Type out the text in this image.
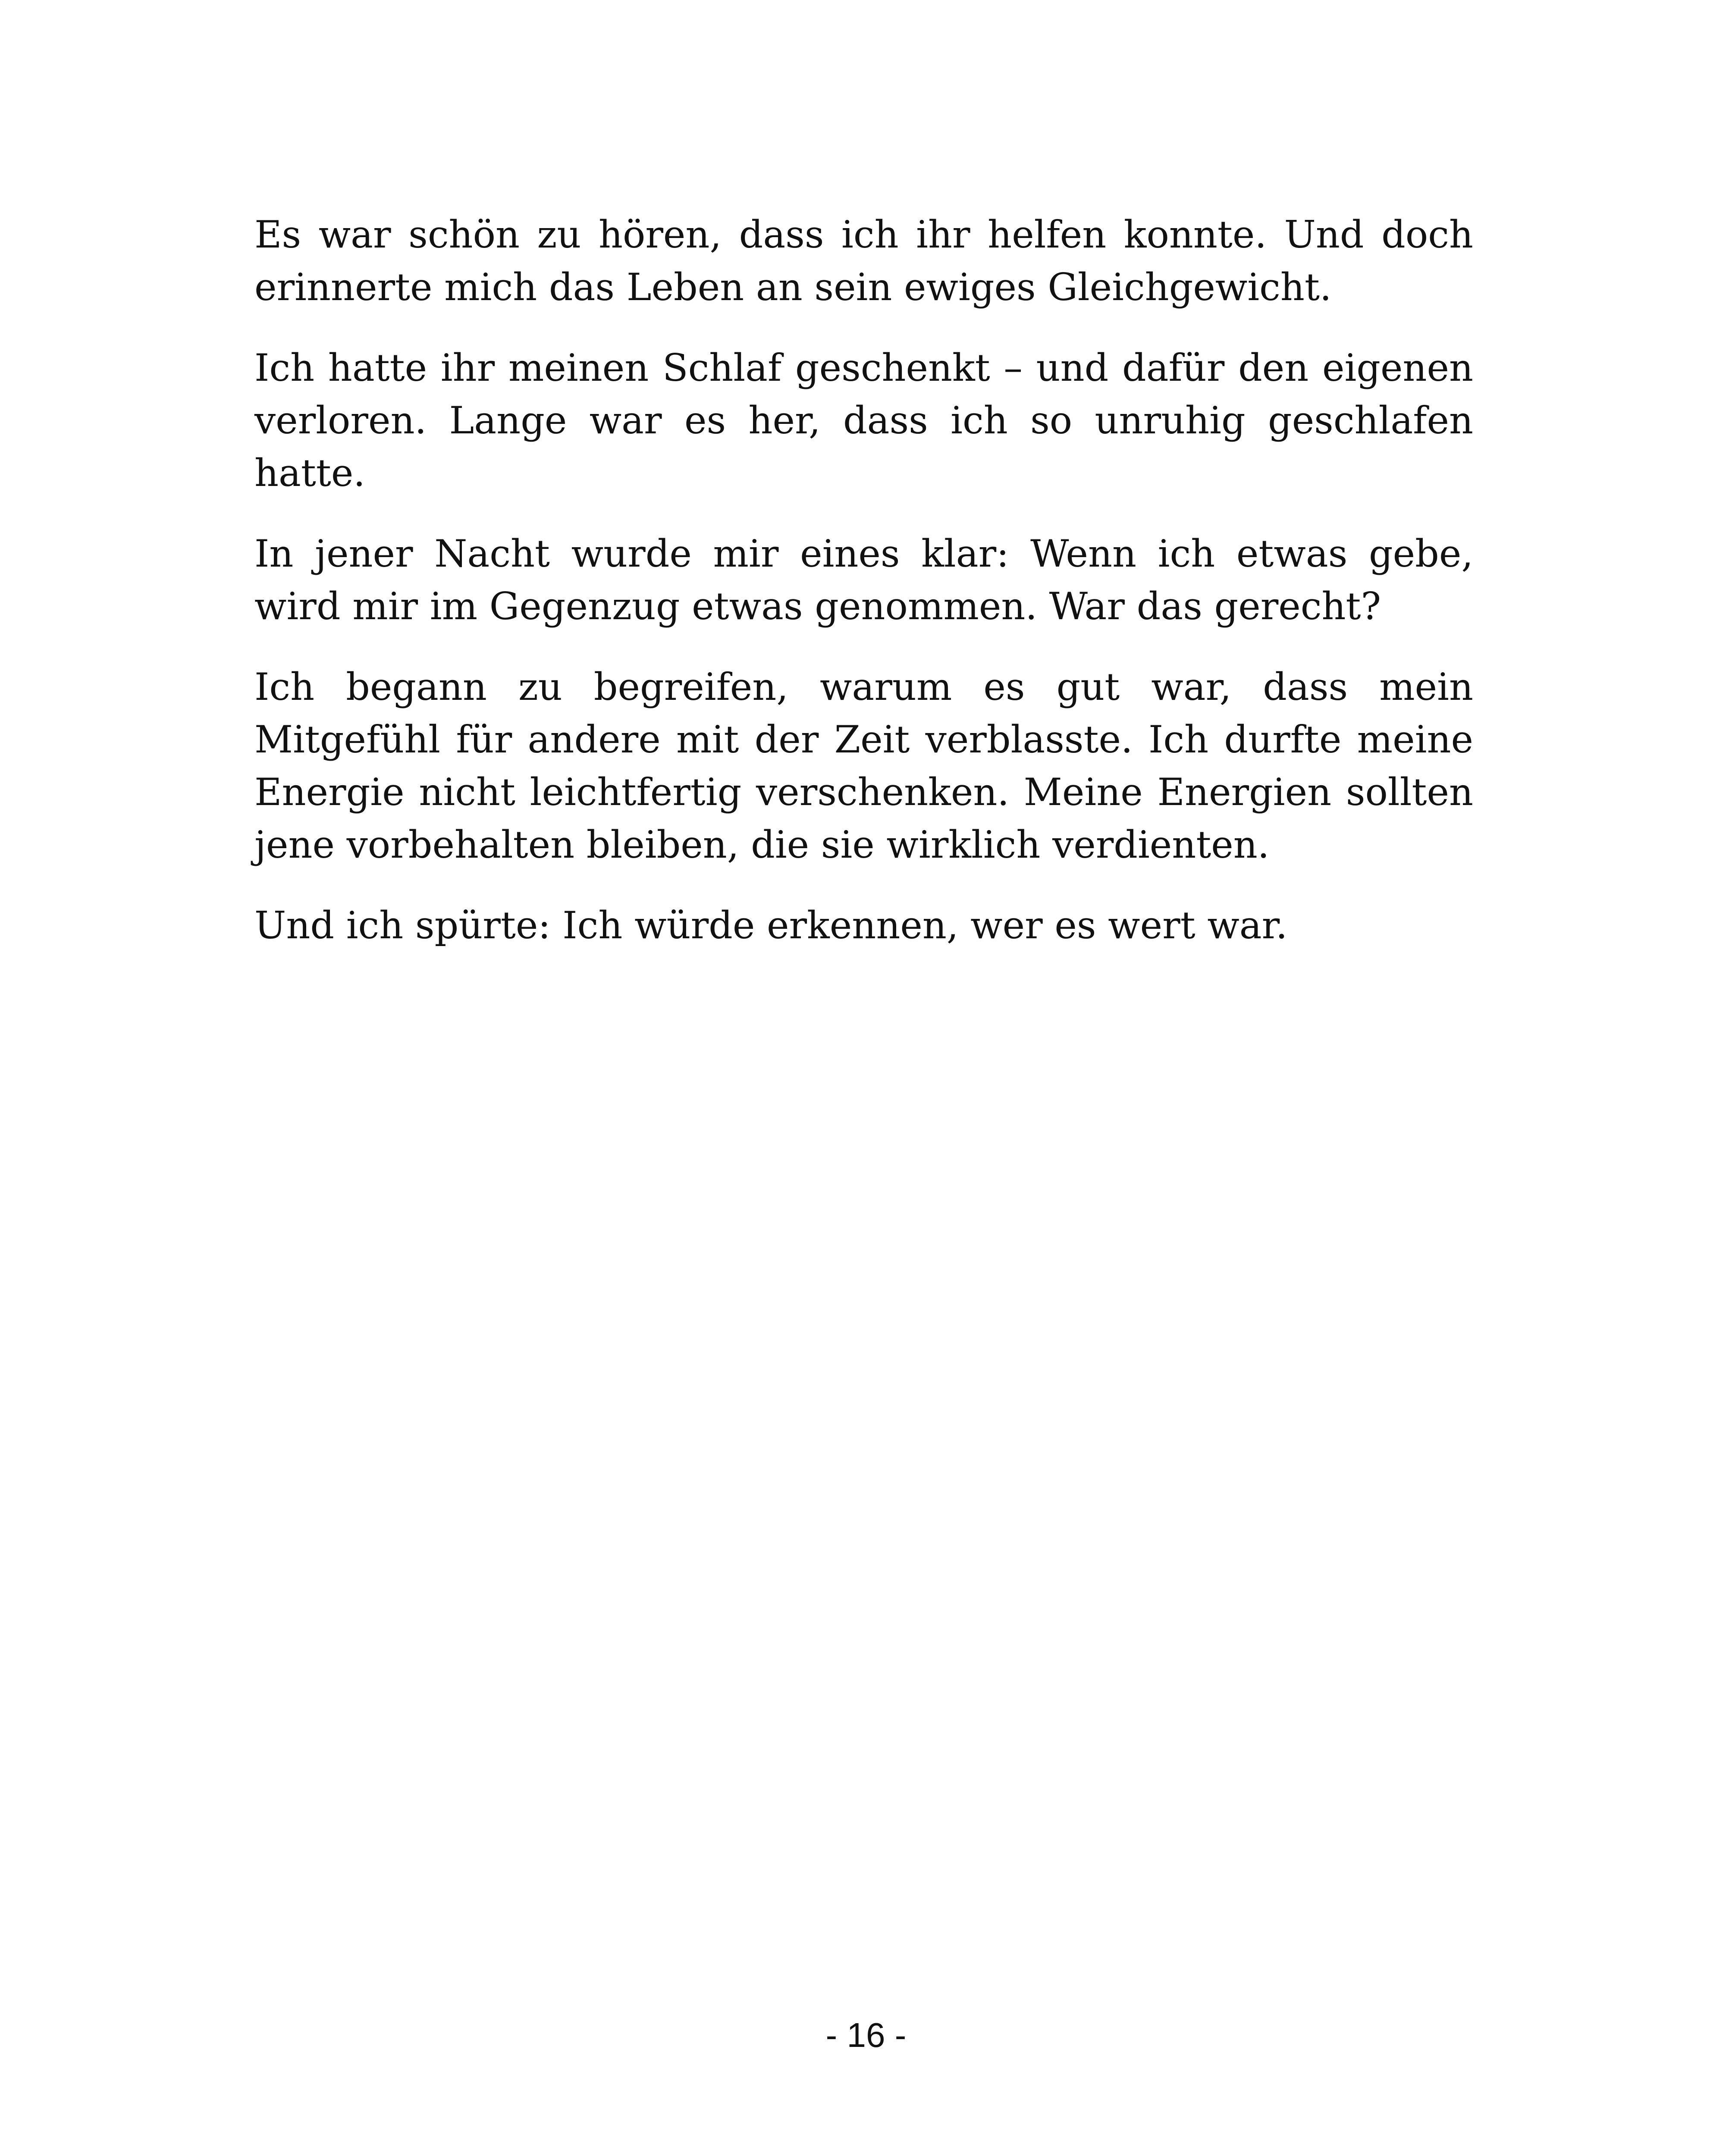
Es war schön zu hören, dass ich ihr helfen konnte. Und doch erinnerte mich das Leben an sein ewiges Gleichgewicht.

Ich hatte ihr meinen Schlaf geschenkt – und dafür den eigenen verloren. Lange war es her, dass ich so unruhig geschlafen hatte.

In jener Nacht wurde mir eines klar: Wenn ich etwas gebe, wird mir im Gegenzug etwas genommen. War das gerecht?

Ich begann zu begreifen, warum es gut war, dass mein Mitgefühl für andere mit der Zeit verblasste. Ich durfte meine Energie nicht leichtfertig verschenken. Meine Energien sollten jene vorbehalten bleiben, die sie wirklich verdienten.

Und ich spürte: Ich würde erkennen, wer es wert war.

- 16 -
